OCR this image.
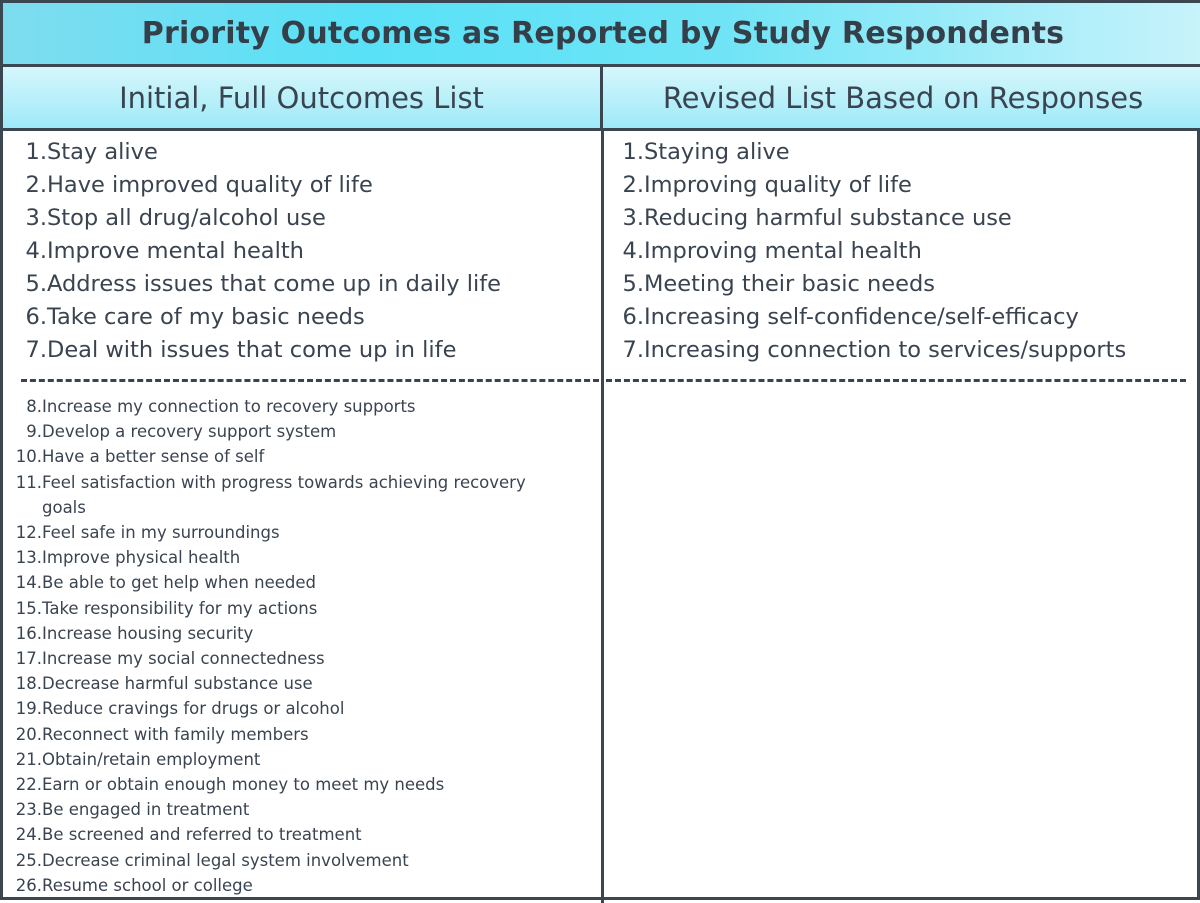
Priority Outcomes as Reported by Study Respondents
Initial, Full Outcomes List	Revised List Based on Responses
1. Stay alive
2. Have improved quality of life
3. Stop all drug/alcohol use
4. Improve mental health
5. Address issues that come up in daily life
6. Take care of my basic needs
7. Deal with issues that come up in life
1. Staying alive
2. Improving quality of life
3. Reducing harmful substance use
4. Improving mental health
5. Meeting their basic needs
6. Increasing self-confidence/self-efficacy
7. Increasing connection to services/supports
8. Increase my connection to recovery supports
9. Develop a recovery support system
10. Have a better sense of self
11. Feel satisfaction with progress towards achieving recovery goals
12. Feel safe in my surroundings
13. Improve physical health
14. Be able to get help when needed
15. Take responsibility for my actions
16. Increase housing security
17. Increase my social connectedness
18. Decrease harmful substance use
19. Reduce cravings for drugs or alcohol
20. Reconnect with family members
21. Obtain/retain employment
22. Earn or obtain enough money to meet my needs
23. Be engaged in treatment
24. Be screened and referred to treatment
25. Decrease criminal legal system involvement
26. Resume school or college
